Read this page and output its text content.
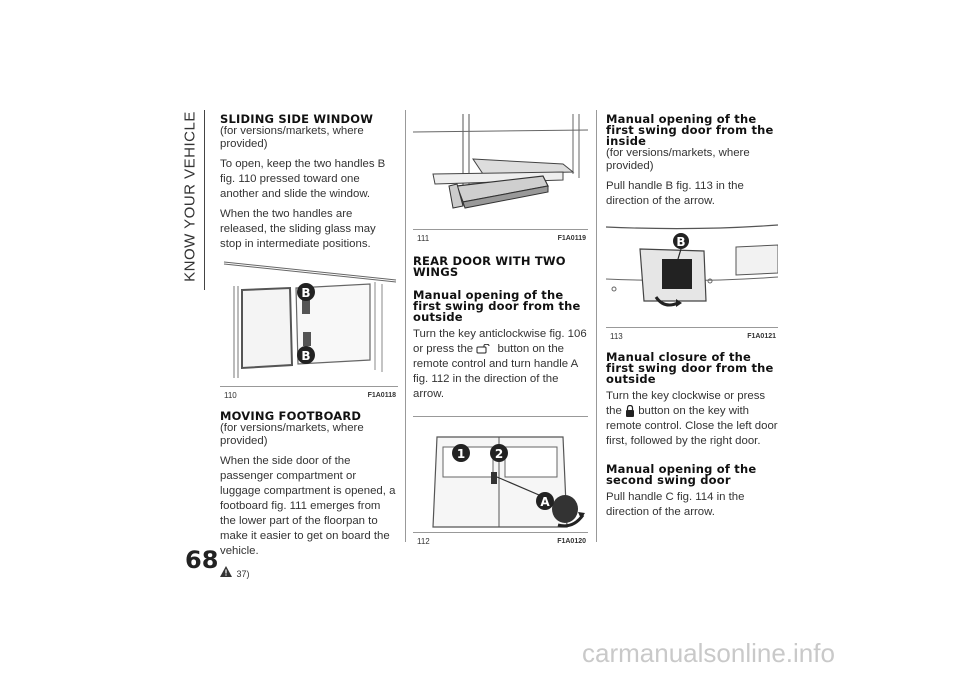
KNOW YOUR VEHICLE SLIDING SIDE WINDOW
(for versions/markets, where provided)
To open, keep the two handles B fig. 110 pressed toward one another and slide the window.
When the two handles are released, the sliding glass may stop in intermediate positions.
B
B
110	F1A0118
MOVING FOOTBOARD
(for versions/markets, where provided)
When the side door of the passenger compartment or luggage compartment is opened, a footboard fig. 111 emerges from the lower part of the floorpan to make it easier to get on board the vehicle.
37)
111	F1A0119
REAR DOOR WITH TWO WINGS
Manual opening of the first swing door from the outside
Turn the key anticlockwise fig. 106 or press the button on the remote control and turn handle A fig. 112 in the direction of the arrow.
1 2
A
112	F1A0120
Manual opening of the first swing door from the inside
(for versions/markets, where provided)
Pull handle B fig. 113 in the direction of the arrow.
B
113	F1A0121
Manual closure of the first swing door from the outside
Turn the key clockwise or press the button on the key with remote control. Close the left door first, followed by the right door.
Manual opening of the second swing door
Pull handle C fig. 114 in the direction of the arrow.
68
carmanualsonline.info
